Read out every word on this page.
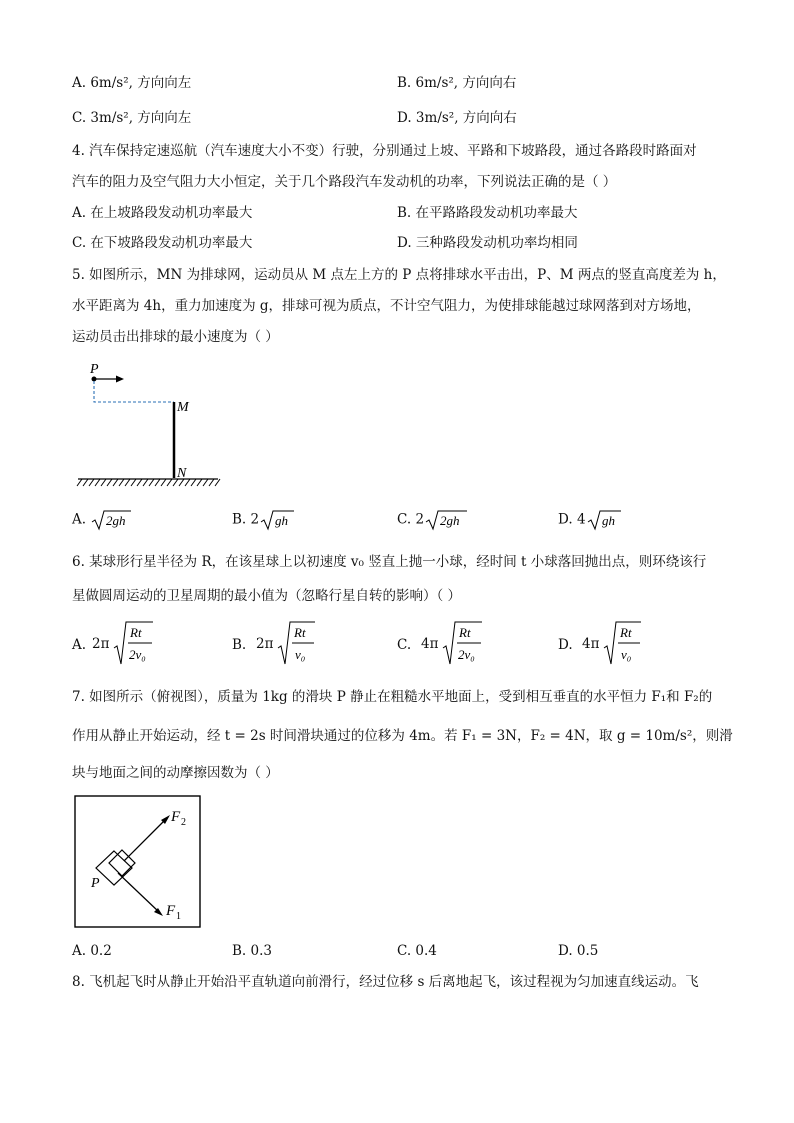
A. 6m/s², 方向向左	B. 6m/s², 方向向右
C. 3m/s², 方向向左	D. 3m/s², 方向向右
4. 汽车保持定速巡航（汽车速度大小不变）行驶，分别通过上坡、平路和下坡路段，通过各路段时路面对
汽车的阻力及空气阻力大小恒定，关于几个路段汽车发动机的功率，下列说法正确的是（ ）
A. 在上坡路段发动机功率最大	B. 在平路路段发动机功率最大
C. 在下坡路段发动机功率最大	D. 三种路段发动机功率均相同
5. 如图所示，MN 为排球网，运动员从 M 点左上方的 P 点将排球水平击出，P、M 两点的竖直高度差为 h，
水平距离为 4h，重力加速度为 g，排球可视为质点，不计空气阻力，为使排球能越过球网落到对方场地，
运动员击出排球的最小速度为（ ）
P
M
N
A. 2gh	B. 2 gh	C. 2 2gh	D. 4 gh
6. 某球形行星半径为 R，在该星球上以初速度 v₀ 竖直上抛一小球，经时间 t 小球落回抛出点，则环绕该行
星做圆周运动的卫星周期的最小值为（忽略行星自转的影响）（ ）
A. 2π
Rt
2v₀
B. 2π
Rt
v₀
C. 4π
Rt
2v₀
D. 4π
Rt
v₀
7. 如图所示（俯视图），质量为 1kg 的滑块 P 静止在粗糙水平地面上，受到相互垂直的水平恒力 F₁和 F₂的
作用从静止开始运动，经 t = 2s 时间滑块通过的位移为 4m。若 F₁ = 3N，F₂ = 4N，取 g = 10m/s²，则滑
块与地面之间的动摩擦因数为（ ）
P
F 2
F 1
A. 0.2	B. 0.3	C. 0.4	D. 0.5
8. 飞机起飞时从静止开始沿平直轨道向前滑行，经过位移 s 后离地起飞，该过程视为匀加速直线运动。飞
